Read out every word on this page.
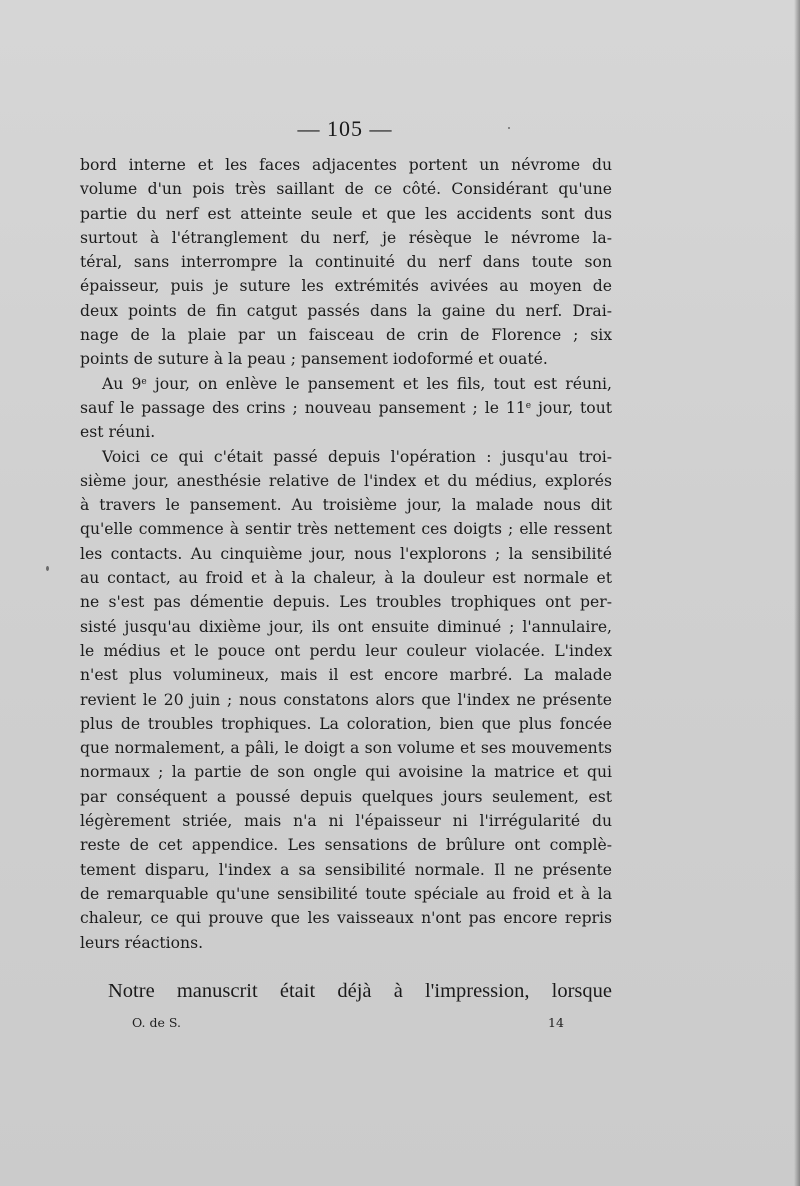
— 105 —

bord interne et les faces adjacentes portent un névrome du

volume d'un pois très saillant de ce côté. Considérant qu'une

partie du nerf est atteinte seule et que les accidents sont dus

surtout à l'étranglement du nerf, je résèque le névrome la-

téral, sans interrompre la continuité du nerf dans toute son

épaisseur, puis je suture les extrémités avivées au moyen de

deux points de fin catgut passés dans la gaine du nerf. Drai-

nage de la plaie par un faisceau de crin de Florence ; six

points de suture à la peau ; pansement iodoformé et ouaté.

Au 9e jour, on enlève le pansement et les fils, tout est réuni,

sauf le passage des crins ; nouveau pansement ; le 11e jour, tout

est réuni.

Voici ce qui c'était passé depuis l'opération : jusqu'au troi-

sième jour, anesthésie relative de l'index et du médius, explorés

à travers le pansement. Au troisième jour, la malade nous dit

qu'elle commence à sentir très nettement ces doigts ; elle ressent

les contacts. Au cinquième jour, nous l'explorons ; la sensibilité

au contact, au froid et à la chaleur, à la douleur est normale et

ne s'est pas démentie depuis. Les troubles trophiques ont per-

sisté jusqu'au dixième jour, ils ont ensuite diminué ; l'annulaire,

le médius et le pouce ont perdu leur couleur violacée. L'index

n'est plus volumineux, mais il est encore marbré. La malade

revient le 20 juin ; nous constatons alors que l'index ne présente

plus de troubles trophiques. La coloration, bien que plus foncée

que normalement, a pâli, le doigt a son volume et ses mouvements

normaux ; la partie de son ongle qui avoisine la matrice et qui

par conséquent a poussé depuis quelques jours seulement, est

légèrement striée, mais n'a ni l'épaisseur ni l'irrégularité du

reste de cet appendice. Les sensations de brûlure ont complè-

tement disparu, l'index a sa sensibilité normale. Il ne présente

de remarquable qu'une sensibilité toute spéciale au froid et à la

chaleur, ce qui prouve que les vaisseaux n'ont pas encore repris

leurs réactions.

Notre manuscrit était déjà à l'impression, lorsque
O. de S.	14
